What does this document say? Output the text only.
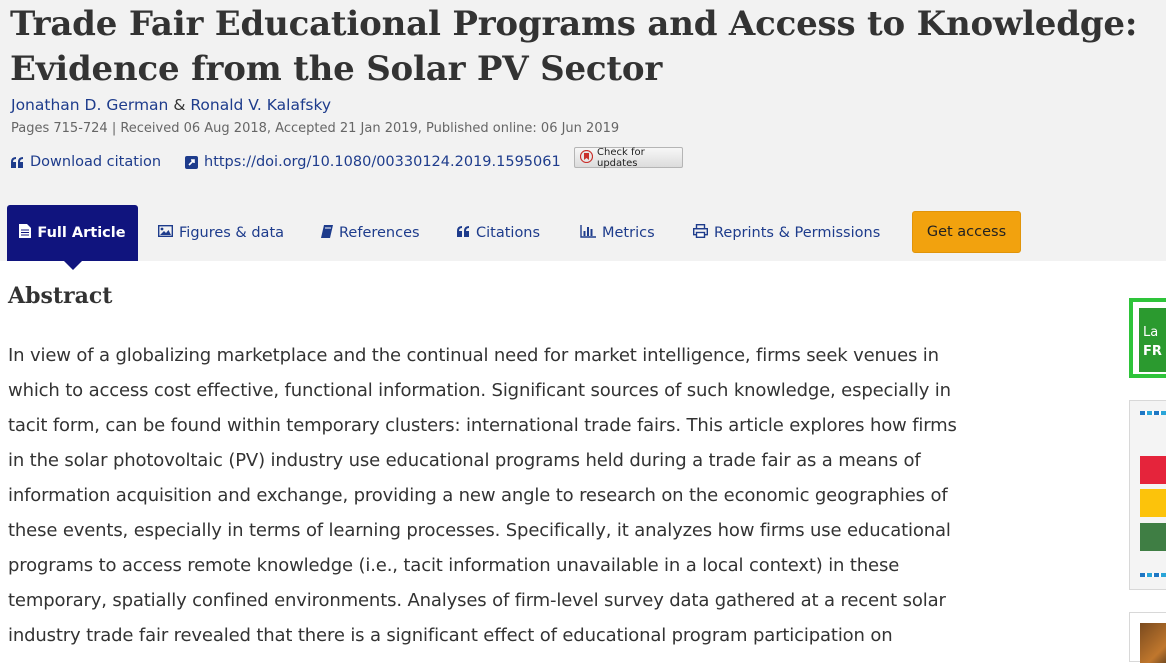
Trade Fair Educational Programs and Access to Knowledge:
Evidence from the Solar PV Sector
Jonathan D. German & Ronald V. Kalafsky
Pages 715-724 | Received 06 Aug 2018, Accepted 21 Jan 2019, Published online: 06 Jun 2019
Download citation	https://doi.org/10.1080/00330124.2019.1595061
Check for updates
Full Article	Figures & data	References	Citations	Metrics	Reprints & Permissions	Get access
Abstract
In view of a globalizing marketplace and the continual need for market intelligence, firms seek venues in
which to access cost effective, functional information. Significant sources of such knowledge, especially in
tacit form, can be found within temporary clusters: international trade fairs. This article explores how firms
in the solar photovoltaic (PV) industry use educational programs held during a trade fair as a means of
information acquisition and exchange, providing a new angle to research on the economic geographies of
these events, especially in terms of learning processes. Specifically, it analyzes how firms use educational
programs to access remote knowledge (i.e., tacit information unavailable in a local context) in these
temporary, spatially confined environments. Analyses of firm-level survey data gathered at a recent solar
industry trade fair revealed that there is a significant effect of educational program participation on
La
FR
